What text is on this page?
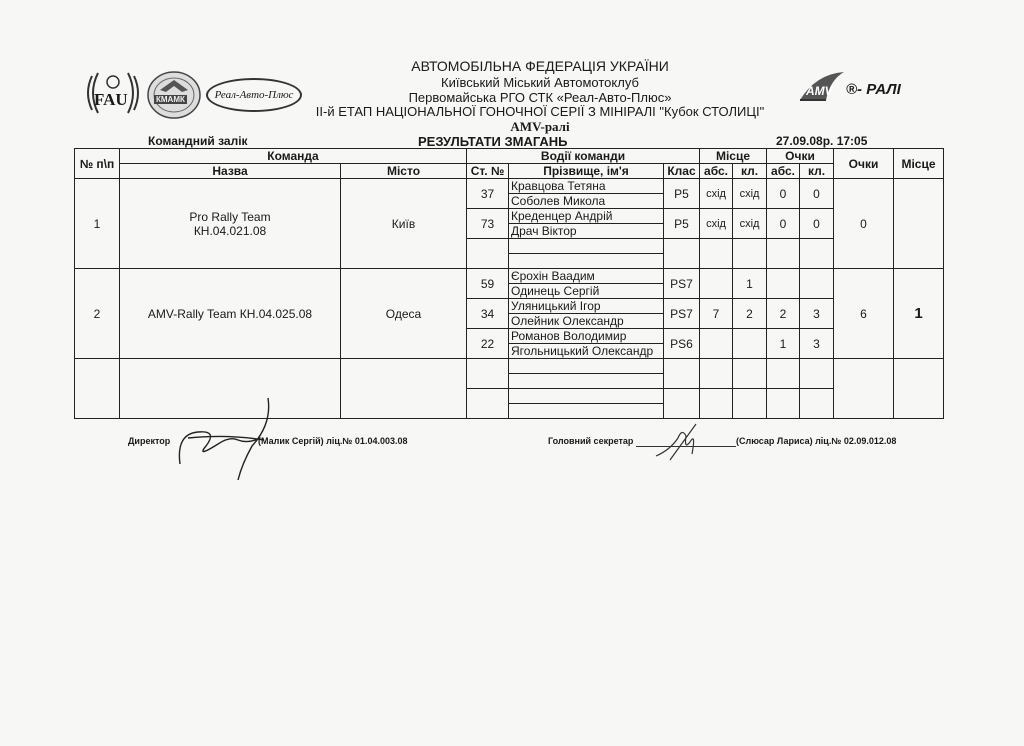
FAU	КМАМК	Реал-Авто-Плюс	AMV ®- РАЛІ
АВТОМОБІЛЬНА ФЕДЕРАЦІЯ УКРАЇНИ
Київський Міський Автомотоклуб
Первомайська РГО СТК «Реал-Авто-Плюс»
ІІ-й ЕТАП НАЦІОНАЛЬНОЇ ГОНОЧНОЇ СЕРІЇ З МІНІРАЛІ "Кубок СТОЛИЦІ"
AMV-ралі
Командний залік	РЕЗУЛЬТАТИ ЗМАГАНЬ	27.09.08р. 17:05
№ п\п	Команда		Водії команди			Місце		Очки		Очки	Місце
	Назва	Місто	Ст. №	Прізвище, ім'я	Клас	абс.	кл.	абс.	кл.		
1	Pro Rally Team КН.04.021.08	Київ	37	Кравцова Тетяна	P5	схід	схід	0	0	0	
				Соболев Микола							
			73	Креденцер Андрій	P5	схід	схід	0	0		
				Драч Віктор							

2	AMV-Rally Team КН.04.025.08	Одеса	59	Єрохін Ваадим	PS7		1			6	1
				Одинець Сергій							
			34	Уляницький Ігор	PS7	7	2	2	3		
				Олейник Олександр							
			22	Романов Володимир	PS6			1	3		
				Ягольницький Олександр							

Директор	(Малик Сергій) ліц.№ 01.04.003.08	Головний секретар	(Слюсар Лариса) ліц.№ 02.09.012.08
